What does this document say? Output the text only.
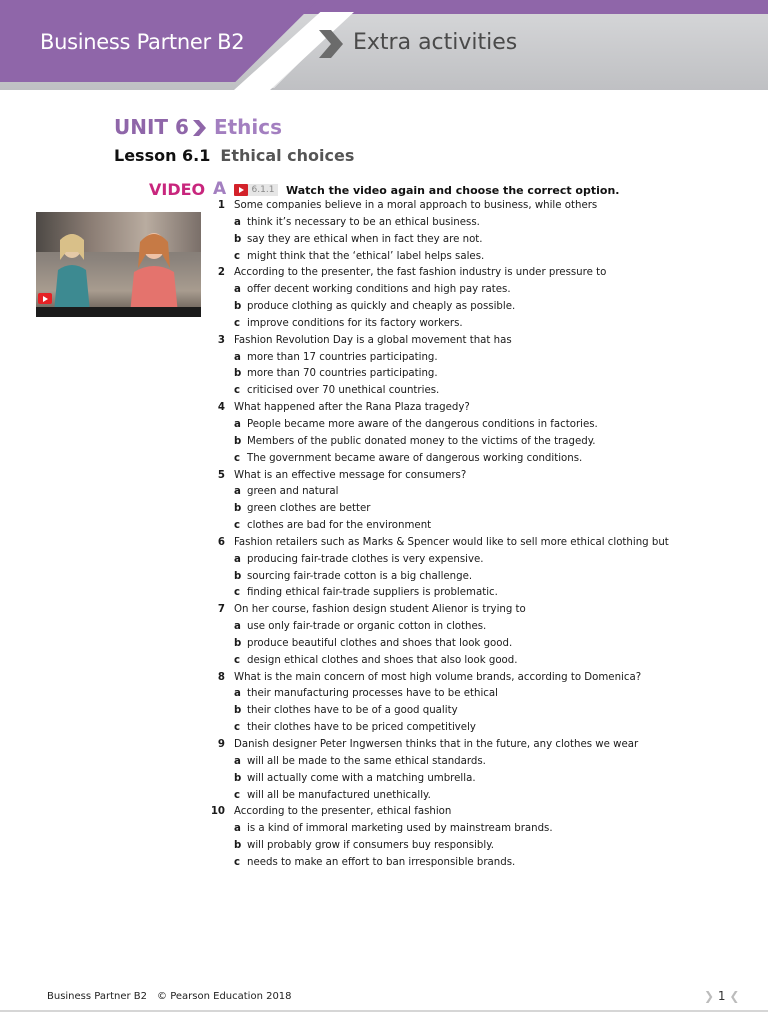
Business Partner B2	Extra activities
UNIT 6 Ethics
Lesson 6.1 Ethical choices
VIDEO A	6.1.1	Watch the video again and choose the correct option.
1 Some companies believe in a moral approach to business, while others
a think it’s necessary to be an ethical business.
b say they are ethical when in fact they are not.
c might think that the ‘ethical’ label helps sales.
2 According to the presenter, the fast fashion industry is under pressure to
a offer decent working conditions and high pay rates.
b produce clothing as quickly and cheaply as possible.
c improve conditions for its factory workers.
3 Fashion Revolution Day is a global movement that has
a more than 17 countries participating.
b more than 70 countries participating.
c criticised over 70 unethical countries.
4 What happened after the Rana Plaza tragedy?
a People became more aware of the dangerous conditions in factories.
b Members of the public donated money to the victims of the tragedy.
c The government became aware of dangerous working conditions.
5 What is an effective message for consumers?
a green and natural
b green clothes are better
c clothes are bad for the environment
6 Fashion retailers such as Marks & Spencer would like to sell more ethical clothing but
a producing fair-trade clothes is very expensive.
b sourcing fair-trade cotton is a big challenge.
c finding ethical fair-trade suppliers is problematic.
7 On her course, fashion design student Alienor is trying to
a use only fair-trade or organic cotton in clothes.
b produce beautiful clothes and shoes that look good.
c design ethical clothes and shoes that also look good.
8 What is the main concern of most high volume brands, according to Domenica?
a their manufacturing processes have to be ethical
b their clothes have to be of a good quality
c their clothes have to be priced competitively
9 Danish designer Peter Ingwersen thinks that in the future, any clothes we wear
a will all be made to the same ethical standards.
b will actually come with a matching umbrella.
c will all be manufactured unethically.
10 According to the presenter, ethical fashion
a is a kind of immoral marketing used by mainstream brands.
b will probably grow if consumers buy responsibly.
c needs to make an effort to ban irresponsible brands.
Business Partner B2 © Pearson Education 2018	❯ 1 ❮
